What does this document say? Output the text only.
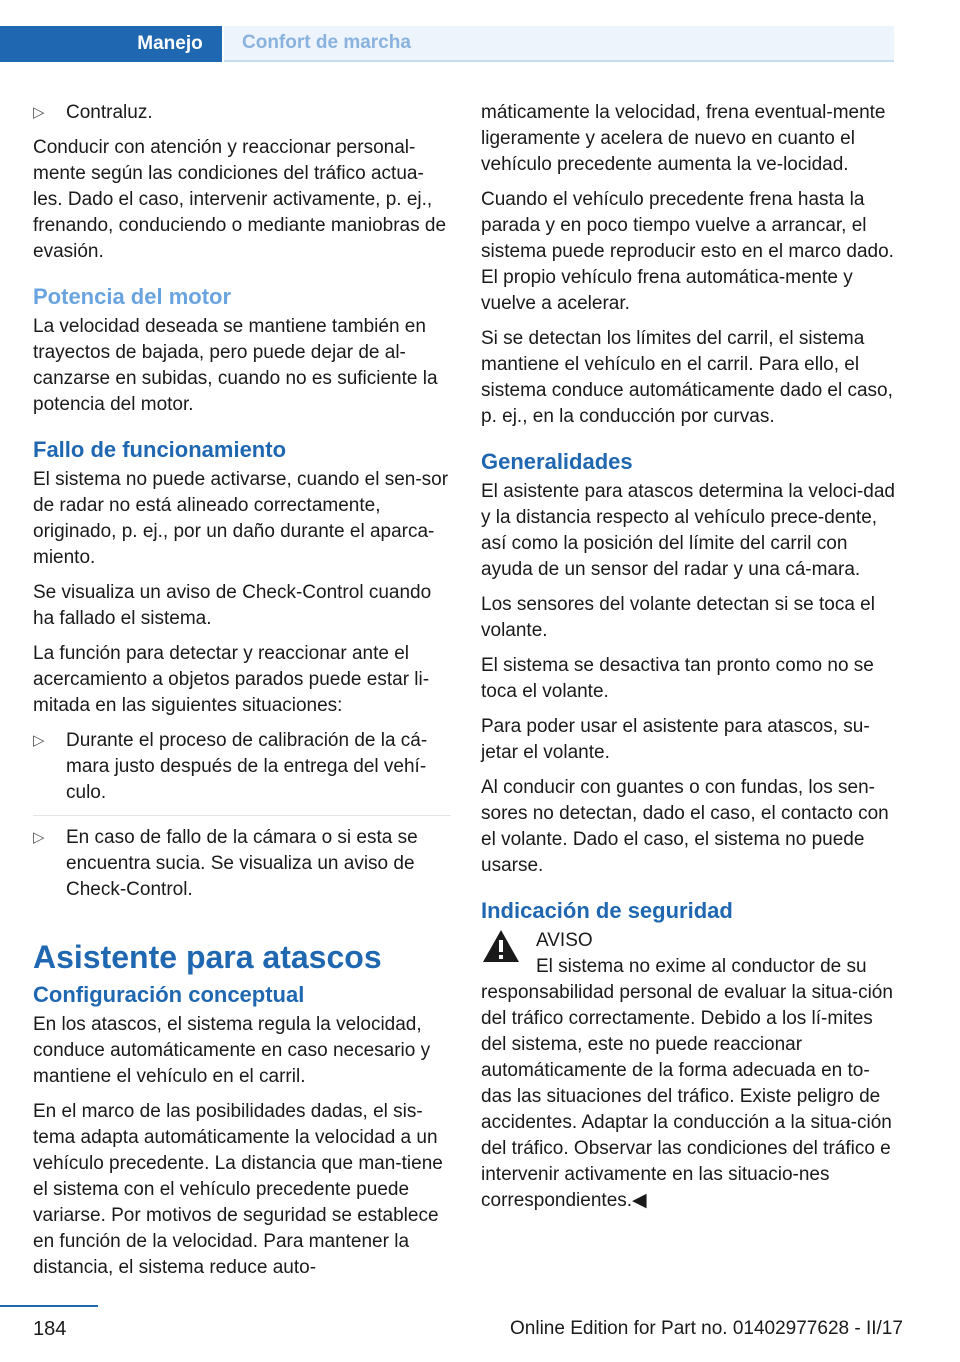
Manejo	Confort de marcha
▷	Contraluz.

Conducir con atención y reaccionar personal‐mente según las condiciones del tráfico actua‐les. Dado el caso, intervenir activamente, p. ej., frenando, conduciendo o mediante maniobras de evasión.

Potencia del motor

La velocidad deseada se mantiene también en trayectos de bajada, pero puede dejar de al‐canzarse en subidas, cuando no es suficiente la potencia del motor.

Fallo de funcionamiento

El sistema no puede activarse, cuando el sen‐sor de radar no está alineado correctamente, originado, p. ej., por un daño durante el aparca‐miento.

Se visualiza un aviso de Check-Control cuando ha fallado el sistema.

La función para detectar y reaccionar ante el acercamiento a objetos parados puede estar li‐mitada en las siguientes situaciones:

▷	Durante el proceso de calibración de la cá‐mara justo después de la entrega del vehí‐culo.
▷	En caso de fallo de la cámara o si esta se encuentra sucia. Se visualiza un aviso de Check-Control.
Asistente para atascos
Configuración conceptual

En los atascos, el sistema regula la velocidad, conduce automáticamente en caso necesario y mantiene el vehículo en el carril.

En el marco de las posibilidades dadas, el sis‐tema adapta automáticamente la velocidad a un vehículo precedente. La distancia que man‐tiene el sistema con el vehículo precedente puede variarse. Por motivos de seguridad se establece en función de la velocidad. Para mantener la distancia, el sistema reduce auto‐

máticamente la velocidad, frena eventual‐mente ligeramente y acelera de nuevo en cuanto el vehículo precedente aumenta la ve‐locidad.

Cuando el vehículo precedente frena hasta la parada y en poco tiempo vuelve a arrancar, el sistema puede reproducir esto en el marco dado. El propio vehículo frena automática‐mente y vuelve a acelerar.

Si se detectan los límites del carril, el sistema mantiene el vehículo en el carril. Para ello, el sistema conduce automáticamente dado el caso, p. ej., en la conducción por curvas.

Generalidades

El asistente para atascos determina la veloci‐dad y la distancia respecto al vehículo prece‐dente, así como la posición del límite del carril con ayuda de un sensor del radar y una cá‐mara.

Los sensores del volante detectan si se toca el volante.

El sistema se desactiva tan pronto como no se toca el volante.

Para poder usar el asistente para atascos, su‐jetar el volante.

Al conducir con guantes o con fundas, los sen‐sores no detectan, dado el caso, el contacto con el volante. Dado el caso, el sistema no puede usarse.

Indicación de seguridad

AVISO

El sistema no exime al conductor de su

responsabilidad personal de evaluar la situa‐ción del tráfico correctamente. Debido a los lí‐mites del sistema, este no puede reaccionar automáticamente de la forma adecuada en to‐das las situaciones del tráfico. Existe peligro de accidentes. Adaptar la conducción a la situa‐ción del tráfico. Observar las condiciones del tráfico e intervenir activamente en las situacio‐nes correspondientes.◀

184	Online Edition for Part no. 01402977628 - II/17
